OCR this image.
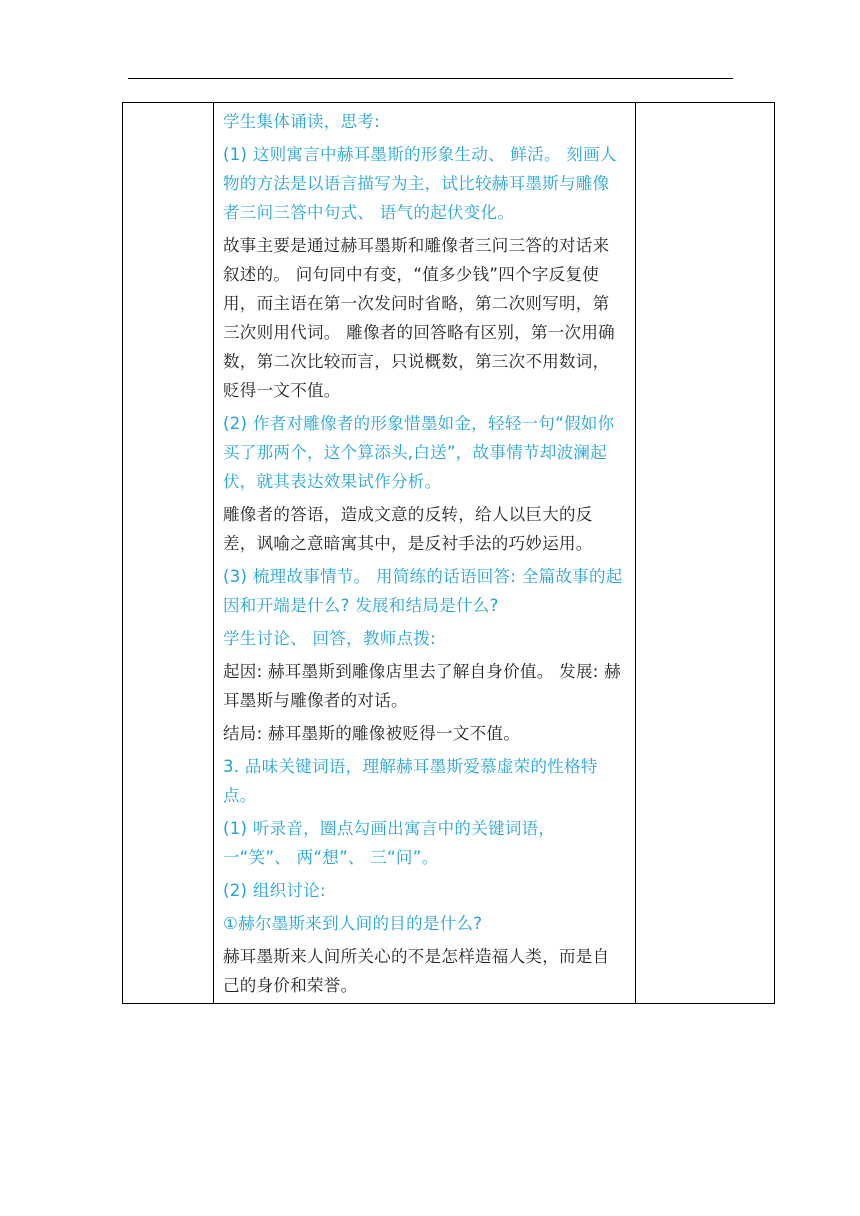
学生集体诵读，思考:

(1) 这则寓言中赫耳墨斯的形象生动、 鲜活。 刻画人物的方法是以语言描写为主，试比较赫耳墨斯与雕像者三问三答中句式、 语气的起伏变化。

故事主要是通过赫耳墨斯和雕像者三问三答的对话来叙述的。 问句同中有变，“值多少钱”四个字反复使用，而主语在第一次发问时省略，第二次则写明，第三次则用代词。 雕像者的回答略有区别，第一次用确数，第二次比较而言，只说概数，第三次不用数词，贬得一文不值。

(2) 作者对雕像者的形象惜墨如金，轻轻一句“假如你买了那两个，这个算添头,白送”，故事情节却波澜起伏，就其表达效果试作分析。

雕像者的答语，造成文意的反转，给人以巨大的反差，讽喻之意暗寓其中，是反衬手法的巧妙运用。

(3) 梳理故事情节。 用简练的话语回答: 全篇故事的起因和开端是什么? 发展和结局是什么?

学生讨论、 回答，教师点拨:

起因: 赫耳墨斯到雕像店里去了解自身价值。 发展: 赫耳墨斯与雕像者的对话。

结局: 赫耳墨斯的雕像被贬得一文不值。

3. 品味关键词语，理解赫耳墨斯爱慕虚荣的性格特点。

(1) 听录音，圈点勾画出寓言中的关键词语，一“笑”、 两“想”、 三“问”。

(2) 组织讨论:

①赫尔墨斯来到人间的目的是什么?

赫耳墨斯来人间所关心的不是怎样造福人类，而是自己的身价和荣誉。
